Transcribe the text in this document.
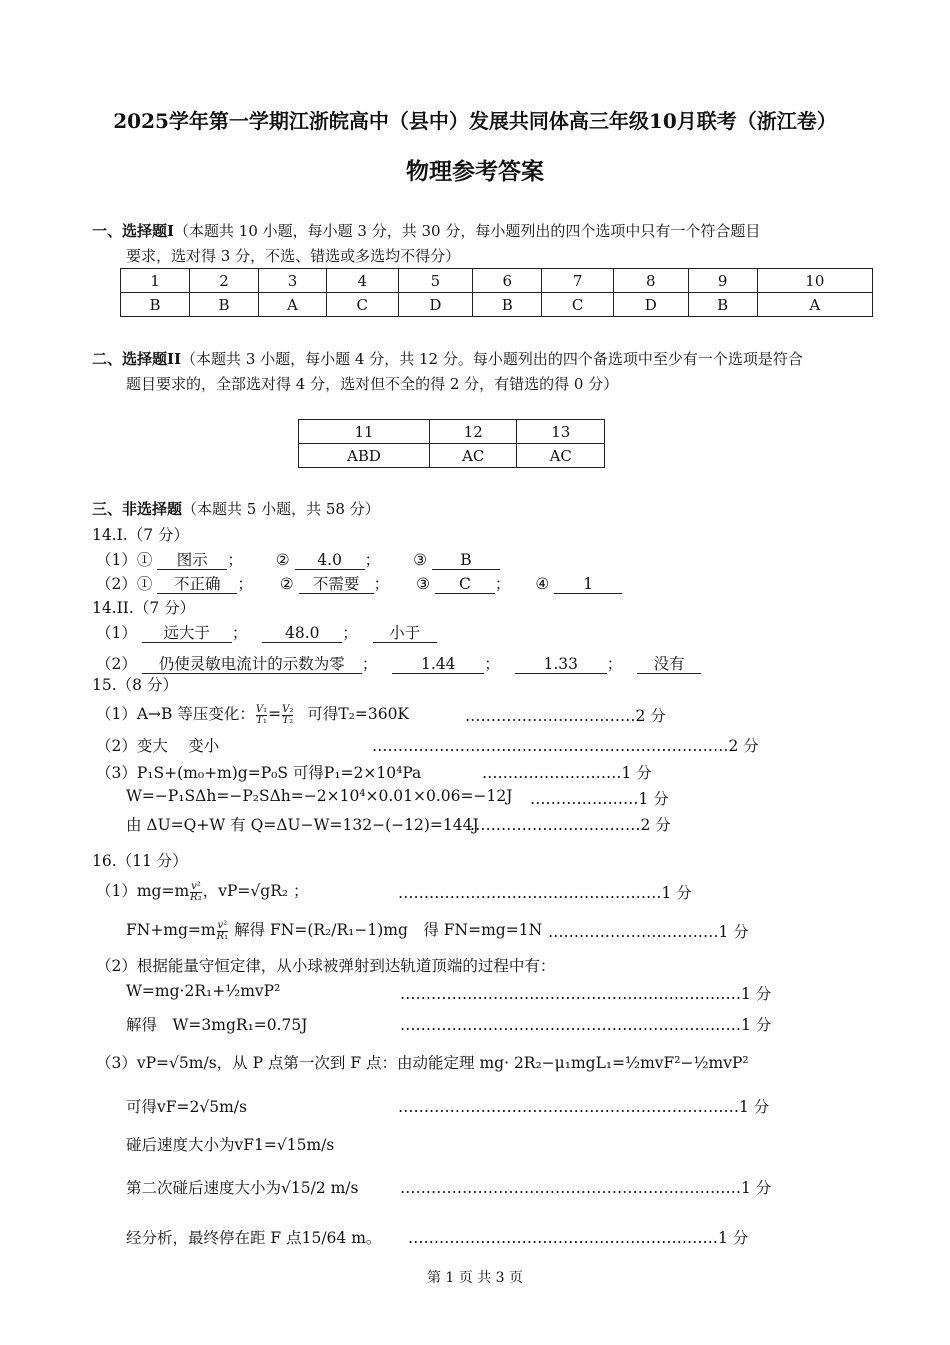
2025学年第一学期江浙皖高中（县中）发展共同体高三年级10月联考（浙江卷）
物理参考答案
一、选择题I（本题共 10 小题，每小题 3 分，共 30 分，每小题列出的四个选项中只有一个符合题目
要求，选对得 3 分，不选、错选或多选均不得分）
1	2	3	4	5	6	7	8	9	10
B	B	A	C	D	B	C	D	B	A
二、选择题II（本题共 3 小题，每小题 4 分，共 12 分。每小题列出的四个备选项中至少有一个选项是符合
题目要求的，全部选对得 4 分，选对但不全的得 2 分，有错选的得 0 分）
11	12	13
ABD	AC	AC
三、非选择题（本题共 5 小题，共 58 分）
14.I.（7 分）
（1）① 图示 ； ② 4.0 ； ③ B
（2）① 不正确 ； ② 不需要 ； ③ C ； ④ 1
14.II.（7 分）
（1） 远大于 ； 48.0 ； 小于
（2） 仍使灵敏电流计的示数为零 ；	1.44 ；	1.33 ； 没有
15.（8 分）
（1）A→B 等压变化： $\frac{\text{V₁}}{\text{T₁}} = \frac{\text{V₂}}{\text{T₂}}$ 可得T₂=360K	……………………………2 分
（2）变大　 变小	……………………………………………………………2 分
（3）P₁S+(m₀+m)g=P₀S 可得P₁=2×10⁴Pa	………………………1 分
W=−P₁SΔh=−P₂SΔh=−2×10⁴×0.01×0.06=−12J …………………1 分
由 ΔU=Q+W 有 Q=ΔU−W=132−(−12)=144J
……………………………2 分
16.（11 分）
$(1)mg=m \frac{\text{v²}}{\text{R₂}}$ ，vP=√gR₂ ；	……………………………………………1 分
$FN+mg=m \frac{\text{v²}}{\text{R₁}}$ 解得 FN=(R₂/R₁−1)mg　得 FN=mg=1N ……………………………1 分
（2）根据能量守恒定律，从小球被弹射到达轨道顶端的过程中有：
W=mg·2R₁+½mvP²	…………………………………………………………1 分
解得　W=3mgR₁=0.75J	…………………………………………………………1 分
（3）vP=√5m/s，从 P 点第一次到 F 点：由动能定理 mg· 2R₂−μ₁mgL₁=½mvF²−½mvP²
可得vF=2√5m/s	…………………………………………………………1 分
碰后速度大小为vF1=√15m/s
第二次碰后速度大小为√15/2 m/s	…………………………………………………………1 分
经分析，最终停在距 F 点15/64 m。 ……………………………………………………1 分
第 1 页 共 3 页
